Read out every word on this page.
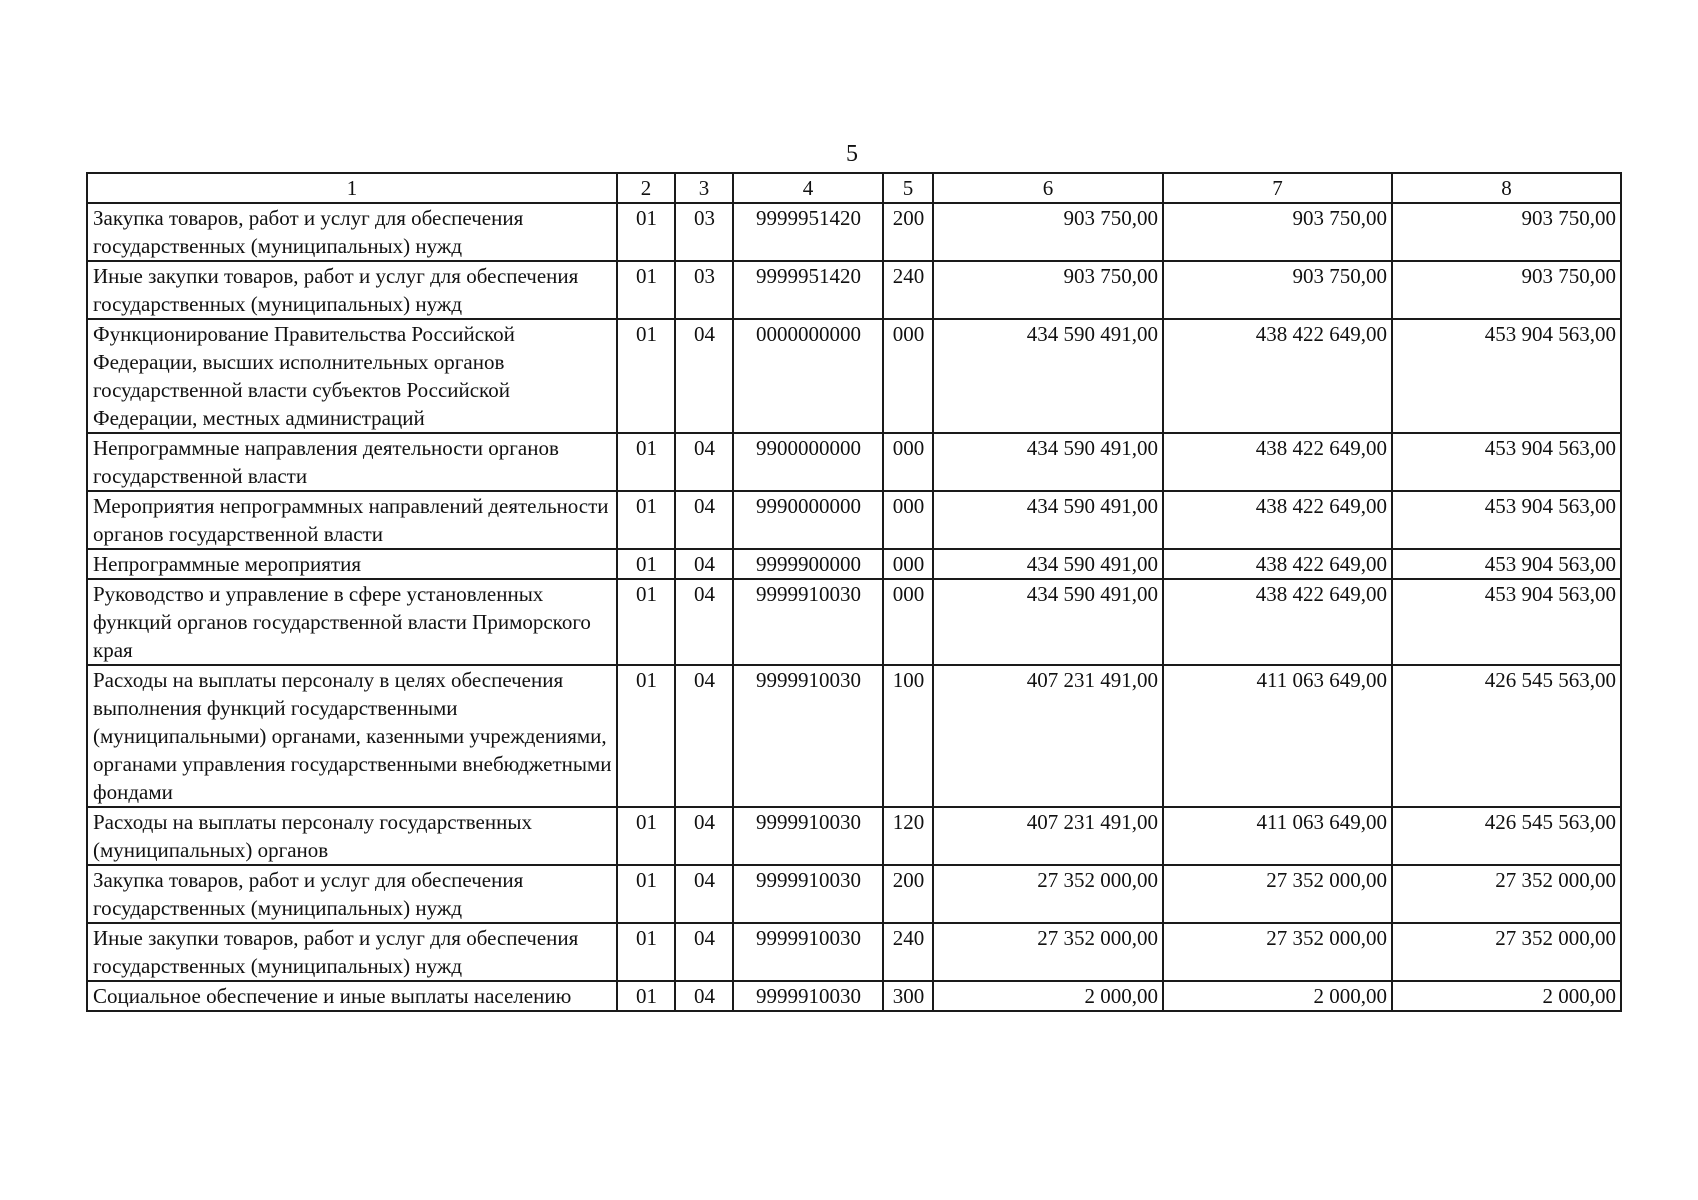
5
1	2	3	4	5	6	7	8
Закупка товаров, работ и услуг для обеспечения государственных (муниципальных) нужд	01	03	9999951420	200	903 750,00	903 750,00	903 750,00
Иные закупки товаров, работ и услуг для обеспечения государственных (муниципальных) нужд	01	03	9999951420	240	903 750,00	903 750,00	903 750,00
Функционирование Правительства Российской Федерации, высших исполнительных органов государственной власти субъектов Российской Федерации, местных администраций	01	04	0000000000	000	434 590 491,00	438 422 649,00	453 904 563,00
Непрограммные направления деятельности органов государственной власти	01	04	9900000000	000	434 590 491,00	438 422 649,00	453 904 563,00
Мероприятия непрограммных направлений деятельности органов государственной власти	01	04	9990000000	000	434 590 491,00	438 422 649,00	453 904 563,00
Непрограммные мероприятия	01	04	9999900000	000	434 590 491,00	438 422 649,00	453 904 563,00
Руководство и управление в сфере установленных функций органов государственной власти Приморского края	01	04	9999910030	000	434 590 491,00	438 422 649,00	453 904 563,00
Расходы на выплаты персоналу в целях обеспечения выполнения функций государственными (муниципальными) органами, казенными учреждениями, органами управления государственными внебюджетными фондами	01	04	9999910030	100	407 231 491,00	411 063 649,00	426 545 563,00
Расходы на выплаты персоналу государственных (муниципальных) органов	01	04	9999910030	120	407 231 491,00	411 063 649,00	426 545 563,00
Закупка товаров, работ и услуг для обеспечения государственных (муниципальных) нужд	01	04	9999910030	200	27 352 000,00	27 352 000,00	27 352 000,00
Иные закупки товаров, работ и услуг для обеспечения государственных (муниципальных) нужд	01	04	9999910030	240	27 352 000,00	27 352 000,00	27 352 000,00
Социальное обеспечение и иные выплаты населению	01	04	9999910030	300	2 000,00	2 000,00	2 000,00
